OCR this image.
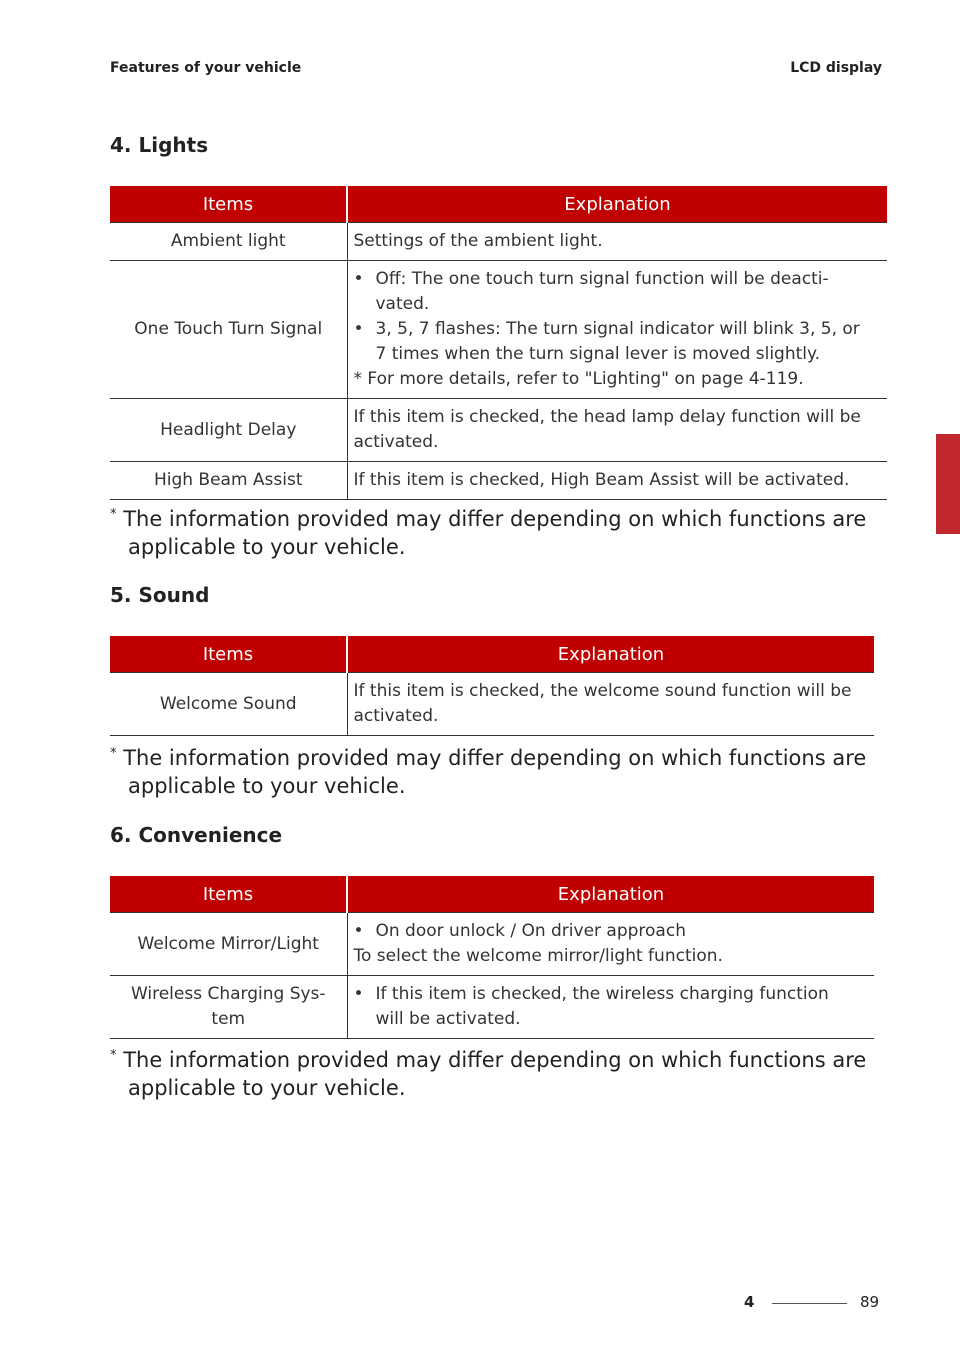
Features of your vehicle	LCD display
4. Lights
Items	Explanation
Ambient light	Settings of the ambient light.
One Touch Turn Signal	• Off: The one touch turn signal function will be deacti-vated.
• 3, 5, 7 flashes: The turn signal indicator will blink 3, 5, or 7 times when the turn signal lever is moved slightly.
* For more details, refer to "Lighting" on page 4-119.

Headlight Delay	If this item is checked, the head lamp delay function will be activated.
High Beam Assist	If this item is checked, High Beam Assist will be activated.
* The information provided may differ depending on which functions are applicable to your vehicle.
5. Sound
Items	Explanation
Welcome Sound	If this item is checked, the welcome sound function will be activated.
* The information provided may differ depending on which functions are applicable to your vehicle.
6. Convenience
Items	Explanation
Welcome Mirror/Light	• On door unlock / On driver approach
To select the welcome mirror/light function.

Wireless Charging Sys-tem	• If this item is checked, the wireless charging function will be activated.
* The information provided may differ depending on which functions are applicable to your vehicle.
4
4	89
